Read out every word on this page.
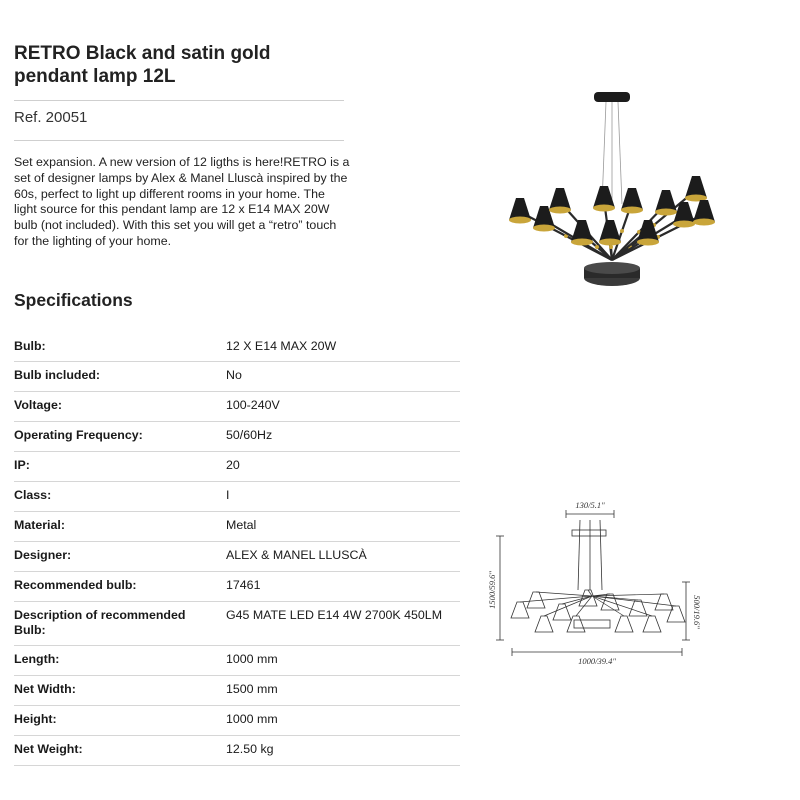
RETRO Black and satin gold pendant lamp 12L
Ref. 20051

Set expansion. A new version of 12 ligths is here!RETRO is a set of designer lamps by Alex & Manel Lluscà inspired by the 60s, perfect to light up different rooms in your home. The light source for this pendant lamp are 12 x E14 MAX 20W bulb (not included). With this set you will get a “retro” touch for the lighting of your home.

Specifications
Bulb:	12 X E14 MAX 20W
Bulb included:	No
Voltage:	100-240V
Operating Frequency:	50/60Hz
IP:	20
Class:	I
Material:	Metal
Designer:	ALEX & MANEL LLUSCÀ
Recommended bulb:	17461
Description of recommended Bulb:
G45 MATE LED E14 4W 2700K 450LM
Length:	1000 mm
Net Width:	1500 mm
Height:	1000 mm
Net Weight:	12.50 kg
130/5.1"
1500/59.6"
500/19.6"
1000/39.4"
